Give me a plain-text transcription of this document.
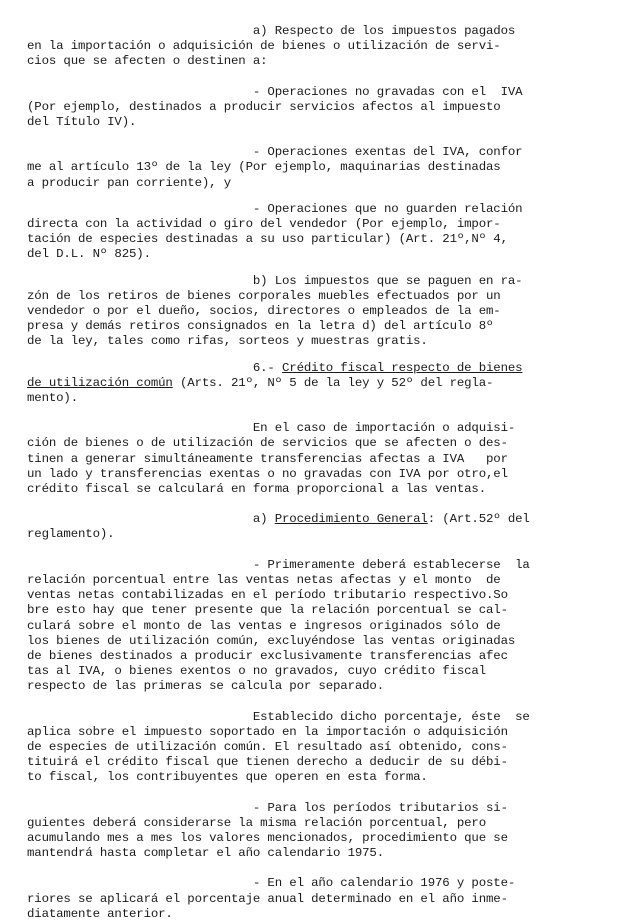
a) Respecto de los impuestos pagados
en la importación o adquisición de bienes o utilización de servi-
cios que se afecten o destinen a:

- Operaciones no gravadas con el  IVA
(Por ejemplo, destinados a producir servicios afectos al impuesto
del Título IV).

- Operaciones exentas del IVA, confor
me al artículo 13º de la ley (Por ejemplo, maquinarias destinadas
a producir pan corriente), y

- Operaciones que no guarden relación
directa con la actividad o giro del vendedor (Por ejemplo, impor-
tación de especies destinadas a su uso particular) (Art. 21º,Nº 4,
del D.L. Nº 825).

b) Los impuestos que se paguen en ra-
zón de los retiros de bienes corporales muebles efectuados por un
vendedor o por el dueño, socios, directores o empleados de la em-
presa y demás retiros consignados en la letra d) del artículo 8º
de la ley, tales como rifas, sorteos y muestras gratis.

6.- Crédito fiscal respecto de bienes
de utilización común (Arts. 21º, Nº 5 de la ley y 52º del regla-
mento).

En el caso de importación o adquisi-
ción de bienes o de utilización de servicios que se afecten o des-
tinen a generar simultáneamente transferencias afectas a IVA   por
un lado y transferencias exentas o no gravadas con IVA por otro,el
crédito fiscal se calculará en forma proporcional a las ventas.

a) Procedimiento General: (Art.52º del
reglamento).

- Primeramente deberá establecerse  la
relación porcentual entre las ventas netas afectas y el monto  de
ventas netas contabilizadas en el período tributario respectivo.So
bre esto hay que tener presente que la relación porcentual se cal-
culará sobre el monto de las ventas e ingresos originados sólo de
los bienes de utilización común, excluyéndose las ventas originadas
de bienes destinados a producir exclusivamente transferencias afec
tas al IVA, o bienes exentos o no gravados, cuyo crédito fiscal
respecto de las primeras se calcula por separado.

Establecido dicho porcentaje, éste  se
aplica sobre el impuesto soportado en la importación o adquisición
de especies de utilización común. El resultado así obtenido, cons-
tituirá el crédito fiscal que tienen derecho a deducir de su débi-
to fiscal, los contribuyentes que operen en esta forma.

- Para los períodos tributarios si-
guientes deberá considerarse la misma relación porcentual, pero
acumulando mes a mes los valores mencionados, procedimiento que se
mantendrá hasta completar el año calendario 1975.

- En el año calendario 1976 y poste-
riores se aplicará el porcentaje anual determinado en el año inme-
diatamente anterior.
